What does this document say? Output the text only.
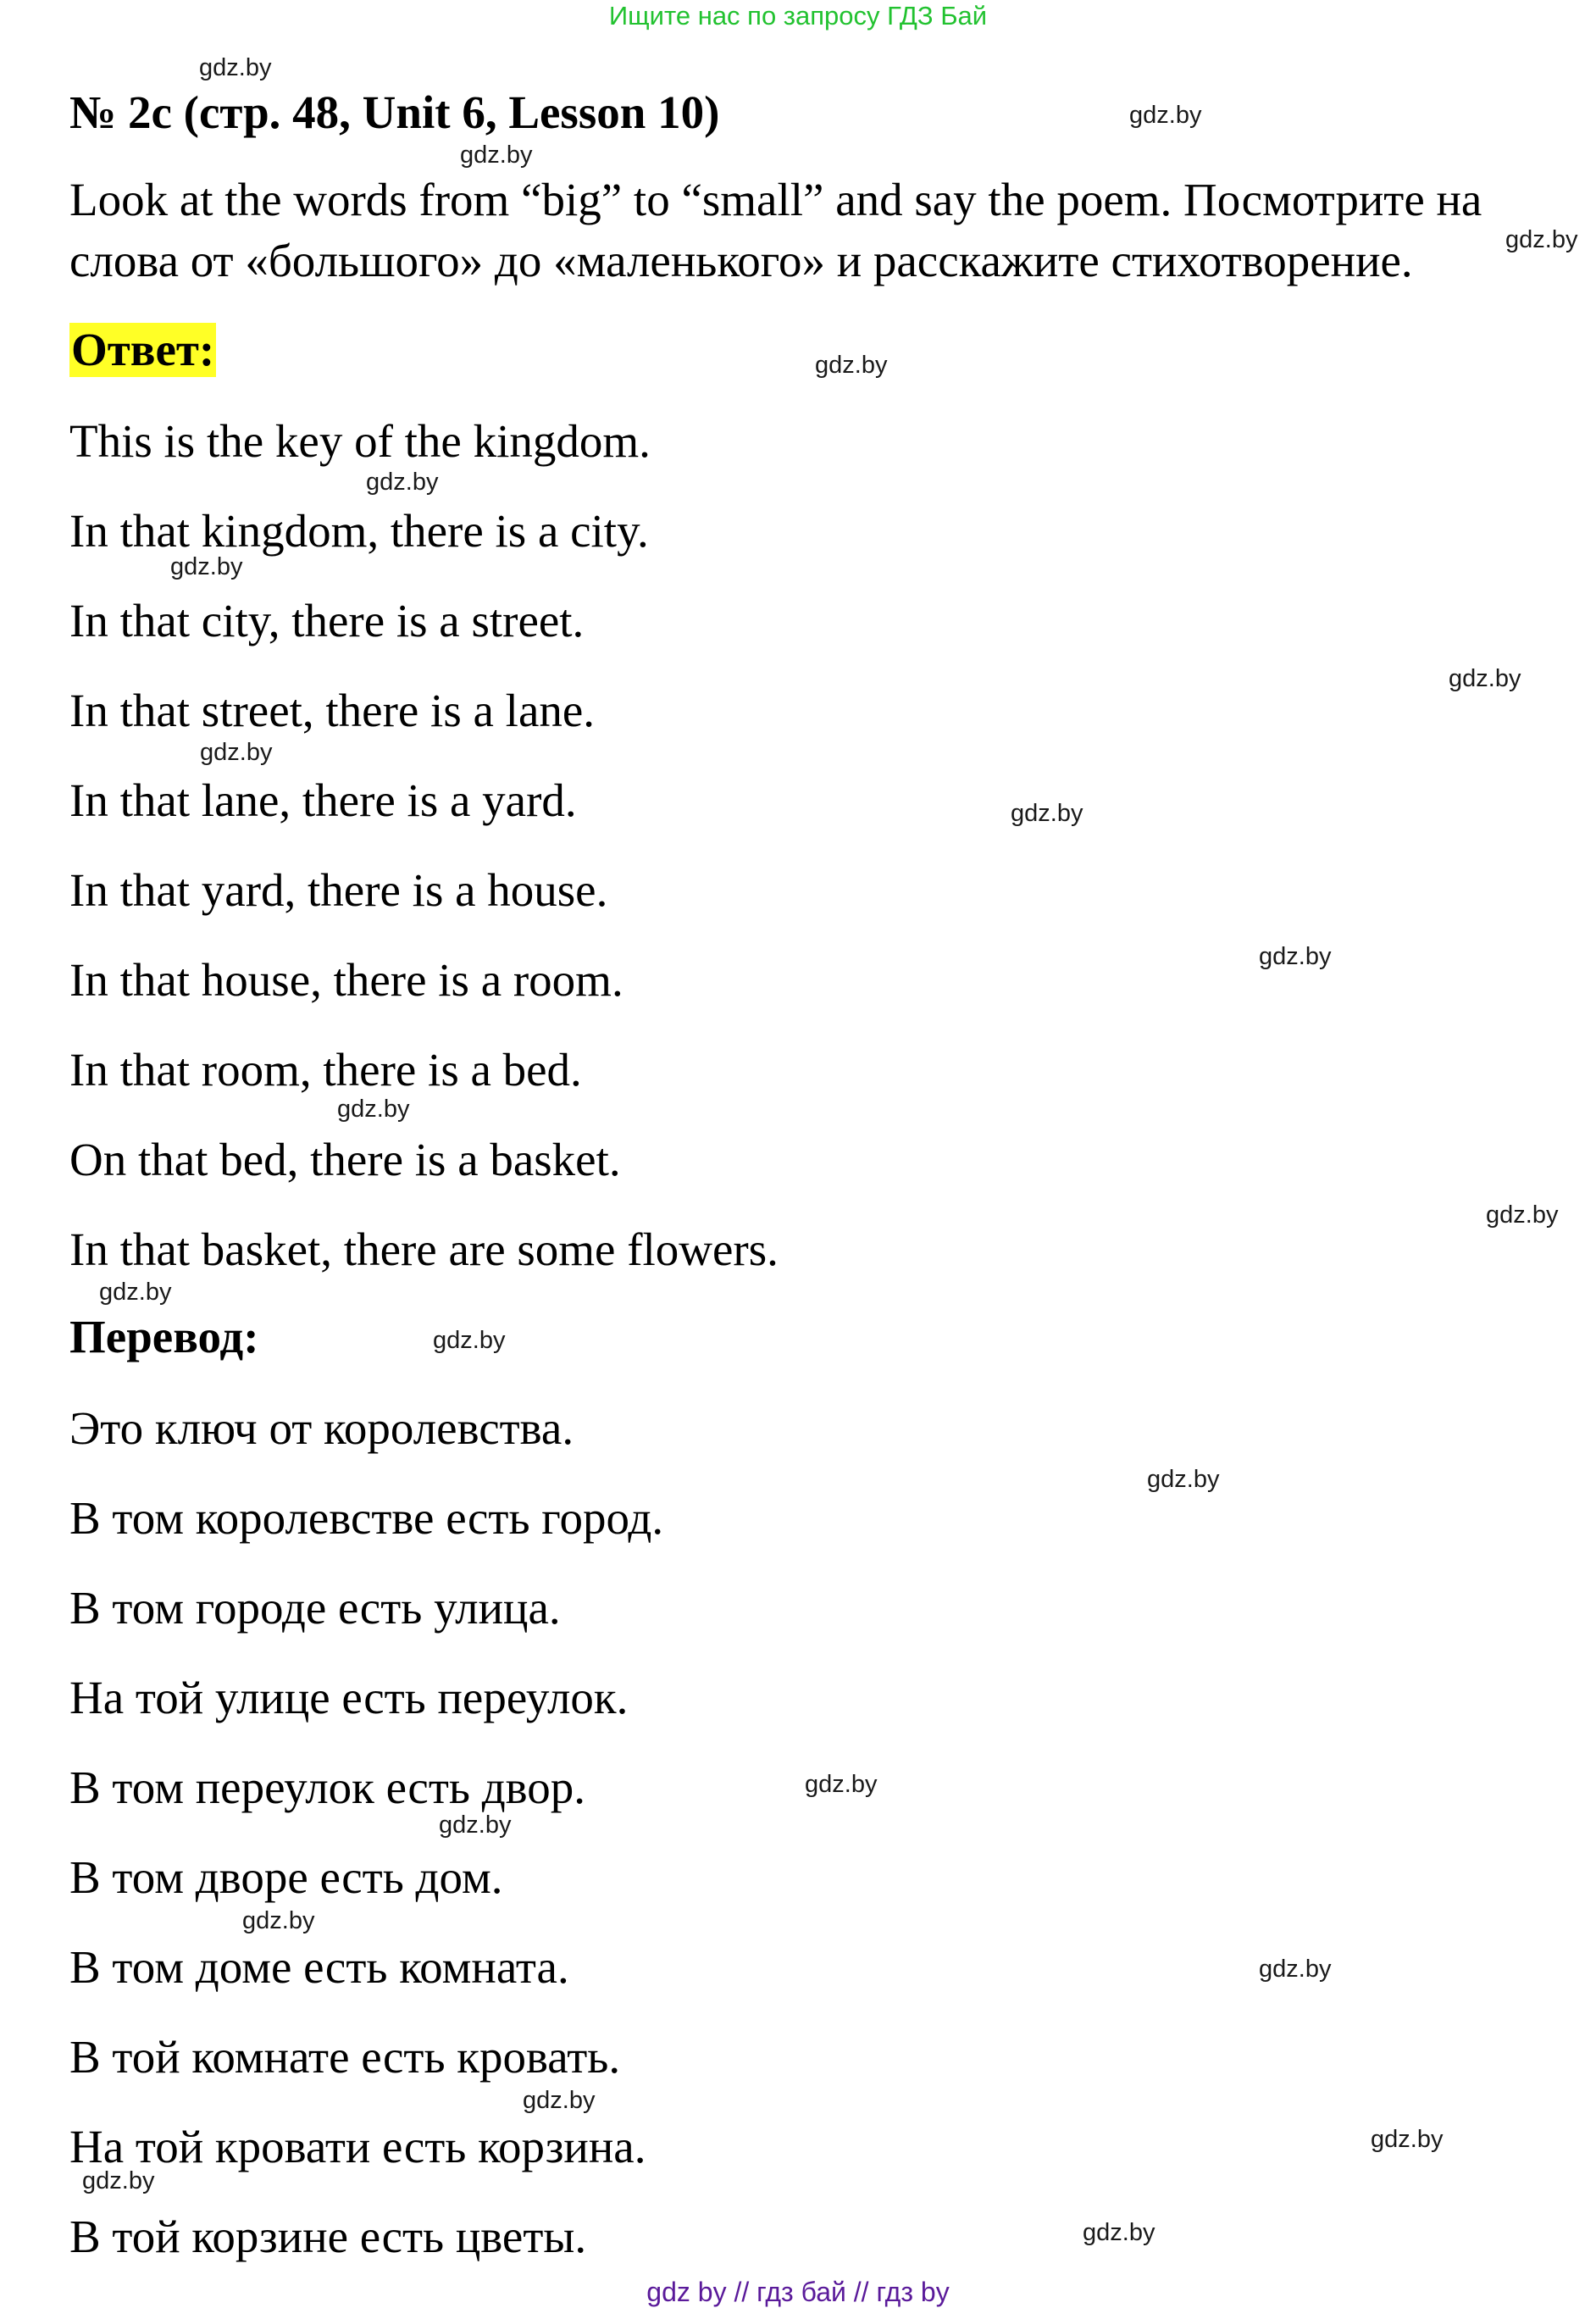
Ищите нас по запросу ГДЗ Бай
№ 2c (стр. 48, Unit 6, Lesson 10)
Look at the words from “big” to “small” and say the poem. Посмотрите на слова от «большого» до «маленького» и расскажите стихотворение.
Ответ:
This is the key of the kingdom.
In that kingdom, there is a city.
In that city, there is a street.
In that street, there is a lane.
In that lane, there is a yard.
In that yard, there is a house.
In that house, there is a room.
In that room, there is a bed.
On that bed, there is a basket.
In that basket, there are some flowers.
Перевод:
Это ключ от королевства.
В том королевстве есть город.
В том городе есть улица.
На той улице есть переулок.
В том переулок есть двор.
В том дворе есть дом.
В том доме есть комната.
В той комнате есть кровать.
На той кровати есть корзина.
В той корзине есть цветы.
gdz.by
gdz.by
gdz.by
gdz.by
gdz.by
gdz.by
gdz.by
gdz.by
gdz.by
gdz.by
gdz.by
gdz.by
gdz.by
gdz.by
gdz.by
gdz.by
gdz.by
gdz.by
gdz.by
gdz.by
gdz.by
gdz.by
gdz.by
gdz.by
gdz by // гдз бай // гдз by
